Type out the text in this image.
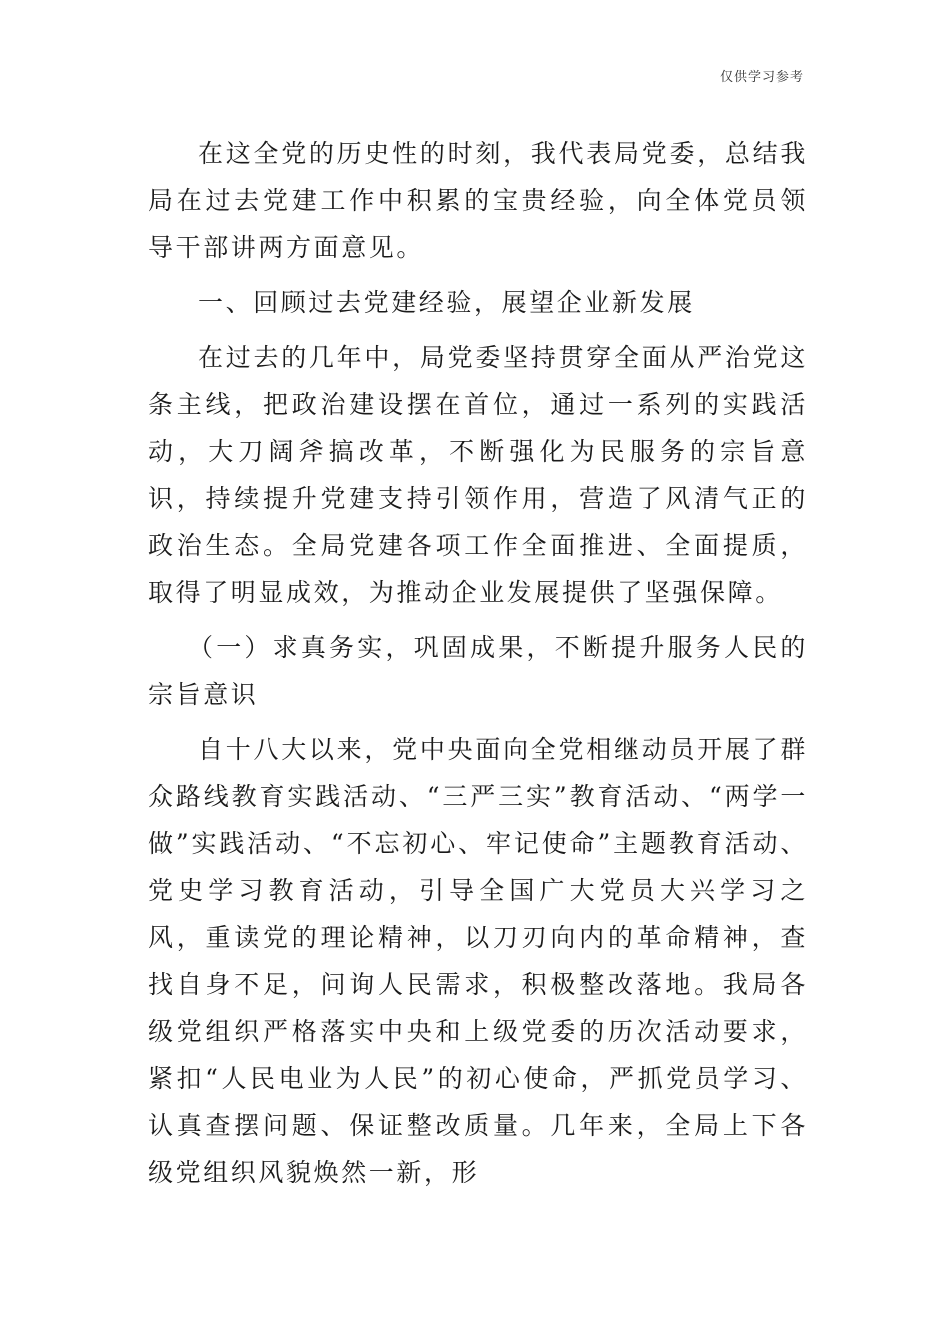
仅供学习参考

在这全党的历史性的时刻，我代表局党委，总结我局在过去党建工作中积累的宝贵经验，向全体党员领导干部讲两方面意见。

一、回顾过去党建经验，展望企业新发展

在过去的几年中，局党委坚持贯穿全面从严治党这条主线，把政治建设摆在首位，通过一系列的实践活动，大刀阔斧搞改革，不断强化为民服务的宗旨意识，持续提升党建支持引领作用，营造了风清气正的政治生态。全局党建各项工作全面推进、全面提质，取得了明显成效，为推动企业发展提供了坚强保障。

（一）求真务实，巩固成果，不断提升服务人民的宗旨意识

自十八大以来，党中央面向全党相继动员开展了群众路线教育实践活动、“三严三实”教育活动、“两学一做”实践活动、“不忘初心、牢记使命”主题教育活动、党史学习教育活动，引导全国广大党员大兴学习之风，重读党的理论精神，以刀刃向内的革命精神，查找自身不足，问询人民需求，积极整改落地。我局各级党组织严格落实中央和上级党委的历次活动要求，紧扣“人民电业为人民”的初心使命，严抓党员学习、认真查摆问题、保证整改质量。几年来，全局上下各级党组织风貌焕然一新，形
